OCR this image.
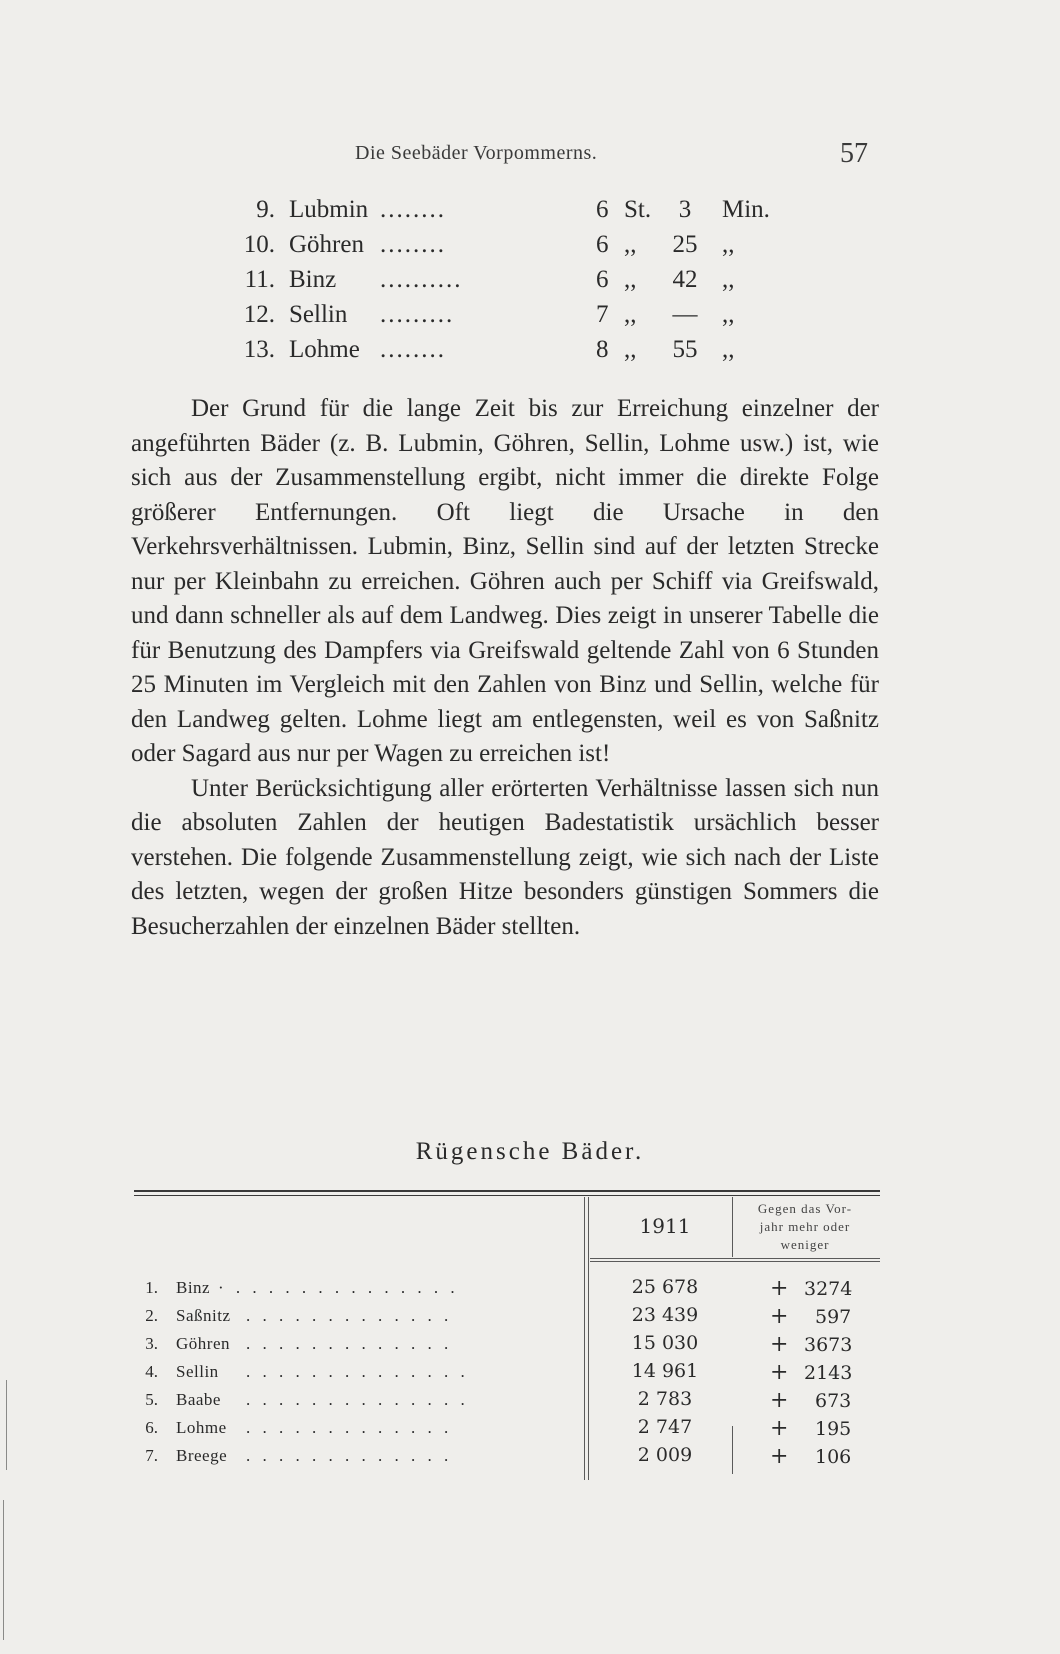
Die Seebäder Vorpommerns.	57
9. Lubmin ........	6 St.	3	Min.
10. Göhren ........	6 ,,	25 ,,
11. Binz ..........	6 ,,	42 ,,
12. Sellin .........	7 ,,	— ,,
13. Lohme ........	8 ,,	55 ,,

Der Grund für die lange Zeit bis zur Erreichung einzelner der angeführten Bäder (z. B. Lubmin, Göhren, Sellin, Lohme usw.) ist, wie sich aus der Zusammenstellung ergibt, nicht immer die direkte Folge größerer Entfernungen. Oft liegt die Ursache in den Verkehrsverhältnissen. Lubmin, Binz, Sellin sind auf der letzten Strecke nur per Kleinbahn zu erreichen. Göhren auch per Schiff via Greifswald, und dann schneller als auf dem Landweg. Dies zeigt in unserer Tabelle die für Benutzung des Dampfers via Greifswald geltende Zahl von 6 Stunden 25 Minuten im Vergleich mit den Zahlen von Binz und Sellin, welche für den Landweg gelten. Lohme liegt am entlegensten, weil es von Saßnitz oder Sagard aus nur per Wagen zu erreichen ist!

Unter Berücksichtigung aller erörterten Verhältnisse lassen sich nun die absoluten Zahlen der heutigen Badestatistik ursächlich besser verstehen. Die folgende Zusammenstellung zeigt, wie sich nach der Liste des letzten, wegen der großen Hitze besonders günstigen Sommers die Besucherzahlen der einzelnen Bäder stellten.

Rügensche Bäder.
1911
Gegen das Vor-
jahr mehr oder
weniger
1. Binz · . . . . . . . . . . . . . .	25 678	+ 3274
2. Saßnitz . . . . . . . . . . . . .	23 439	+ 597
3. Göhren . . . . . . . . . . . . .	15 030	+ 3673
4. Sellin . . . . . . . . . . . . . .	14 961	+ 2143
5. Baabe . . . . . . . . . . . . . .	2 783	+ 673
6. Lohme . . . . . . . . . . . . .	2 747	+ 195
7. Breege . . . . . . . . . . . . .	2 009	+ 106
